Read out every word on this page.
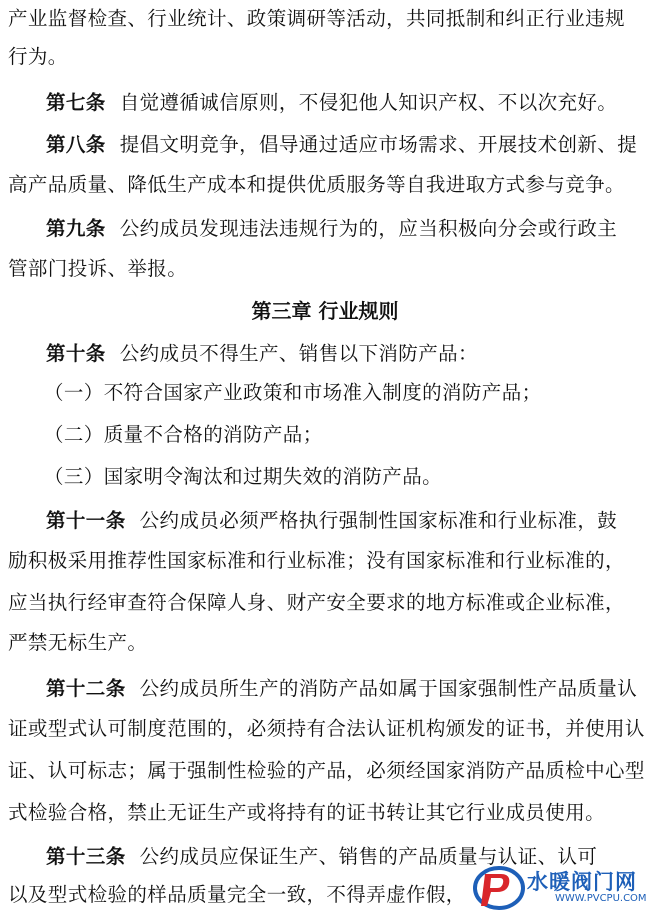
产业监督检查、行业统计、政策调研等活动，共同抵制和纠正行业违规
行为。
第七条 自觉遵循诚信原则，不侵犯他人知识产权、不以次充好。
第八条 提倡文明竞争，倡导通过适应市场需求、开展技术创新、提
高产品质量、降低生产成本和提供优质服务等自我进取方式参与竞争。
第九条 公约成员发现违法违规行为的，应当积极向分会或行政主
管部门投诉、举报。
第三章 行业规则
第十条 公约成员不得生产、销售以下消防产品：
（一）不符合国家产业政策和市场准入制度的消防产品；
（二）质量不合格的消防产品；
（三）国家明令淘汰和过期失效的消防产品。
第十一条 公约成员必须严格执行强制性国家标准和行业标准，鼓
励积极采用推荐性国家标准和行业标准；没有国家标准和行业标准的，
应当执行经审查符合保障人身、财产安全要求的地方标准或企业标准，
严禁无标生产。
第十二条 公约成员所生产的消防产品如属于国家强制性产品质量认
证或型式认可制度范围的，必须持有合法认证机构颁发的证书，并使用认
证、认可标志；属于强制性检验的产品，必须经国家消防产品质检中心型
式检验合格，禁止无证生产或将持有的证书转让其它行业成员使用。
第十三条 公约成员应保证生产、销售的产品质量与认证、认可
以及型式检验的样品质量完全一致，不得弄虚作假，
水暖阀门网
WWW.PVCPU.COM
